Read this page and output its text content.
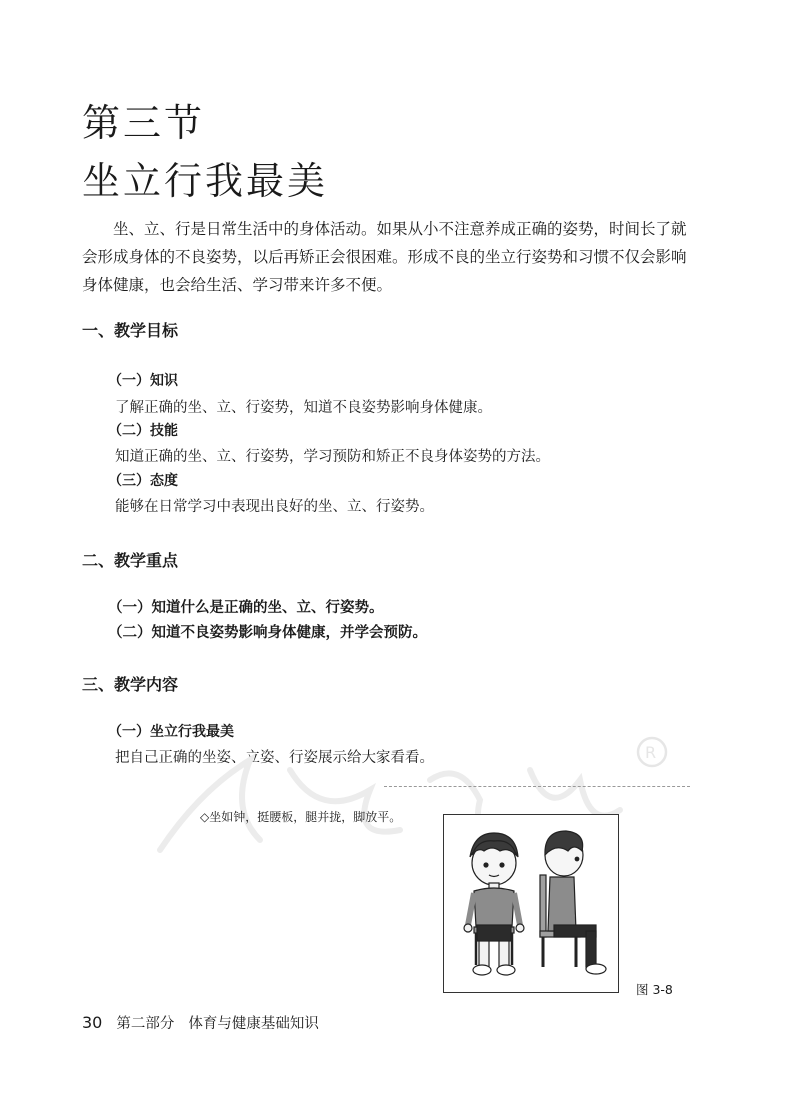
第三节
坐立行我最美
坐、立、行是日常生活中的身体活动。如果从小不注意养成正确的姿势，时间长了就会形成身体的不良姿势，以后再矫正会很困难。形成不良的坐立行姿势和习惯不仅会影响身体健康，也会给生活、学习带来许多不便。
一、教学目标
（一）知识
了解正确的坐、立、行姿势，知道不良姿势影响身体健康。
（二）技能
知道正确的坐、立、行姿势，学习预防和矫正不良身体姿势的方法。
（三）态度
能够在日常学习中表现出良好的坐、立、行姿势。
二、教学重点
（一）知道什么是正确的坐、立、行姿势。
（二）知道不良姿势影响身体健康，并学会预防。
三、教学内容
（一）坐立行我最美
把自己正确的坐姿、立姿、行姿展示给大家看看。	R
◇坐如钟，挺腰板，腿并拢，脚放平。
图 3-8
30 第二部分 体育与健康基础知识
